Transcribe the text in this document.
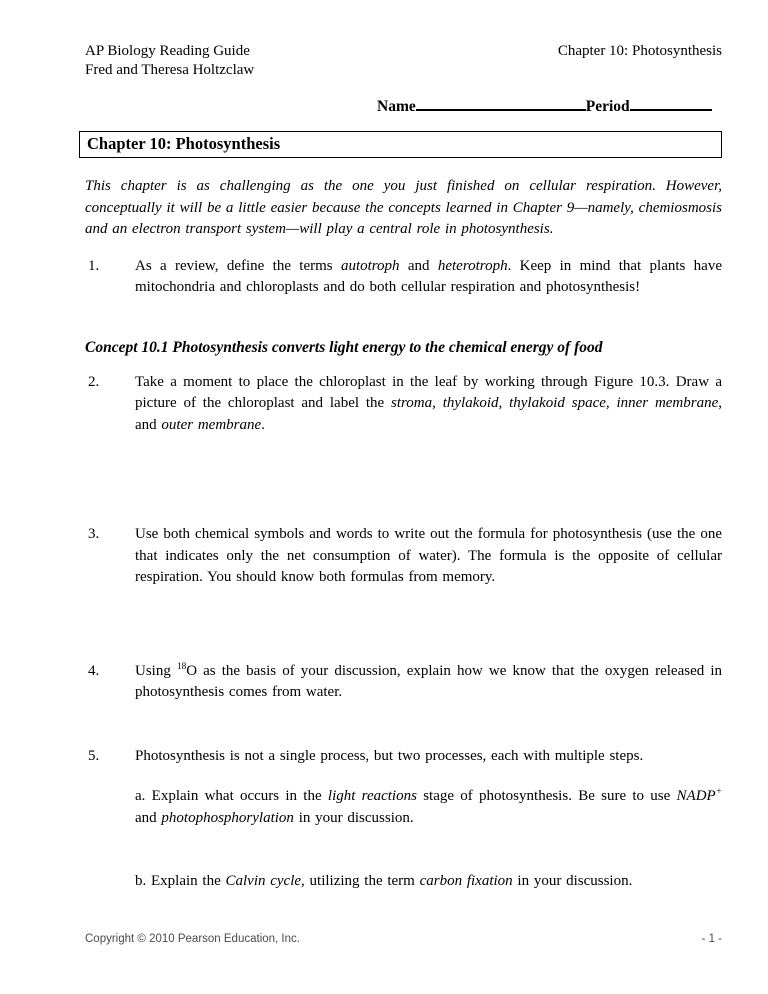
AP Biology Reading Guide
Fred and Theresa Holtzclaw
Chapter 10: Photosynthesis
Name	Period
Chapter 10: Photosynthesis

This chapter is as challenging as the one you just finished on cellular respiration. However, conceptually it will be a little easier because the concepts learned in Chapter 9—namely, chemiosmosis and an electron transport system—will play a central role in photosynthesis.

1.	As a review, define the terms autotroph and heterotroph. Keep in mind that plants have mitochondria and chloroplasts and do both cellular respiration and photosynthesis!
Concept 10.1 Photosynthesis converts light energy to the chemical energy of food
2.	Take a moment to place the chloroplast in the leaf by working through Figure 10.3. Draw a picture of the chloroplast and label the stroma, thylakoid, thylakoid space, inner membrane, and outer membrane.
3.	Use both chemical symbols and words to write out the formula for photosynthesis (use the one that indicates only the net consumption of water). The formula is the opposite of cellular respiration. You should know both formulas from memory.
4.	Using $^{18}$O as the basis of your discussion, explain how we know that the oxygen released in photosynthesis comes from water.
5.	Photosynthesis is not a single process, but two processes, each with multiple steps.
a. Explain what occurs in the light reactions stage of photosynthesis. Be sure to use NADP+ and photophosphorylation in your discussion.
b. Explain the Calvin cycle, utilizing the term carbon fixation in your discussion.
Copyright © 2010 Pearson Education, Inc.	- 1 -
